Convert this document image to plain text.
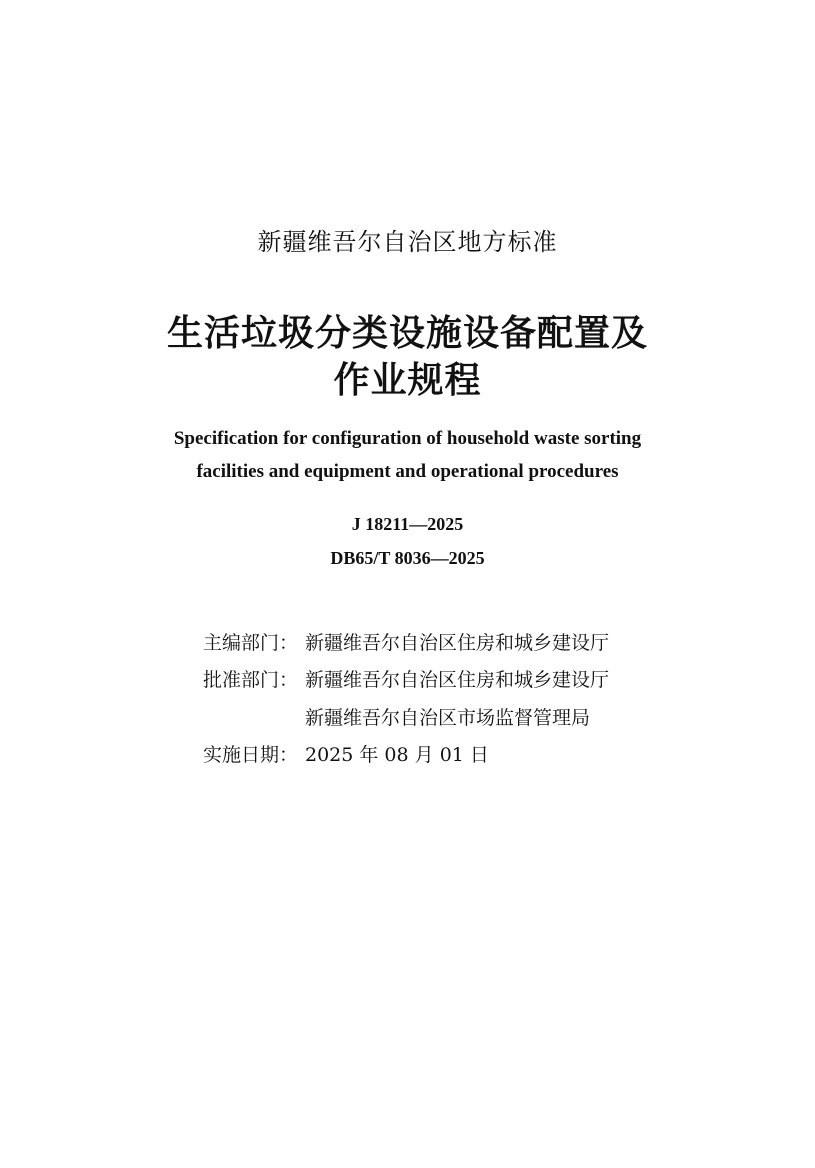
新疆维吾尔自治区地方标准
生活垃圾分类设施设备配置及
作业规程
Specification for configuration of household waste sorting
facilities and equipment and operational procedures
J 18211—2025
DB65/T 8036—2025
主编部门： 新疆维吾尔自治区住房和城乡建设厅
批准部门： 新疆维吾尔自治区住房和城乡建设厅
新疆维吾尔自治区市场监督管理局
实施日期： 2025 年 08 月 01 日
